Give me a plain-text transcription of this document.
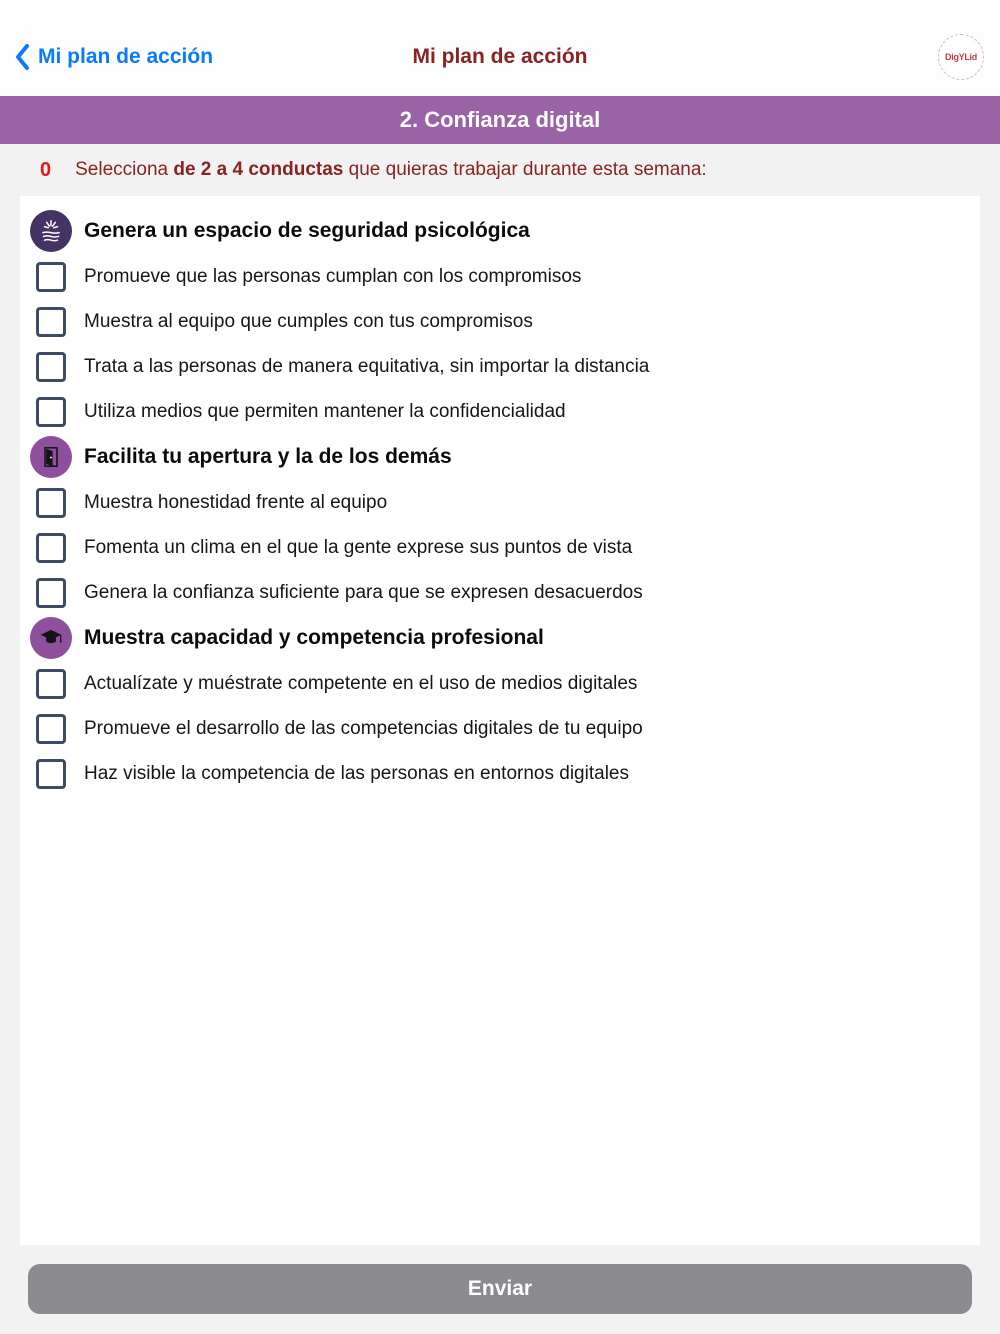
Mi plan de acción	Mi plan de acción	DigYLid
2. Confianza digital
0 Selecciona de 2 a 4 conductas que quieras trabajar durante esta semana:
Genera un espacio de seguridad psicológica
Promueve que las personas cumplan con los compromisos
Muestra al equipo que cumples con tus compromisos
Trata a las personas de manera equitativa, sin importar la distancia
Utiliza medios que permiten mantener la confidencialidad
Facilita tu apertura y la de los demás
Muestra honestidad frente al equipo
Fomenta un clima en el que la gente exprese sus puntos de vista
Genera la confianza suficiente para que se expresen desacuerdos
Muestra capacidad y competencia profesional
Actualízate y muéstrate competente en el uso de medios digitales
Promueve el desarrollo de las competencias digitales de tu equipo
Haz visible la competencia de las personas en entornos digitales
Enviar
